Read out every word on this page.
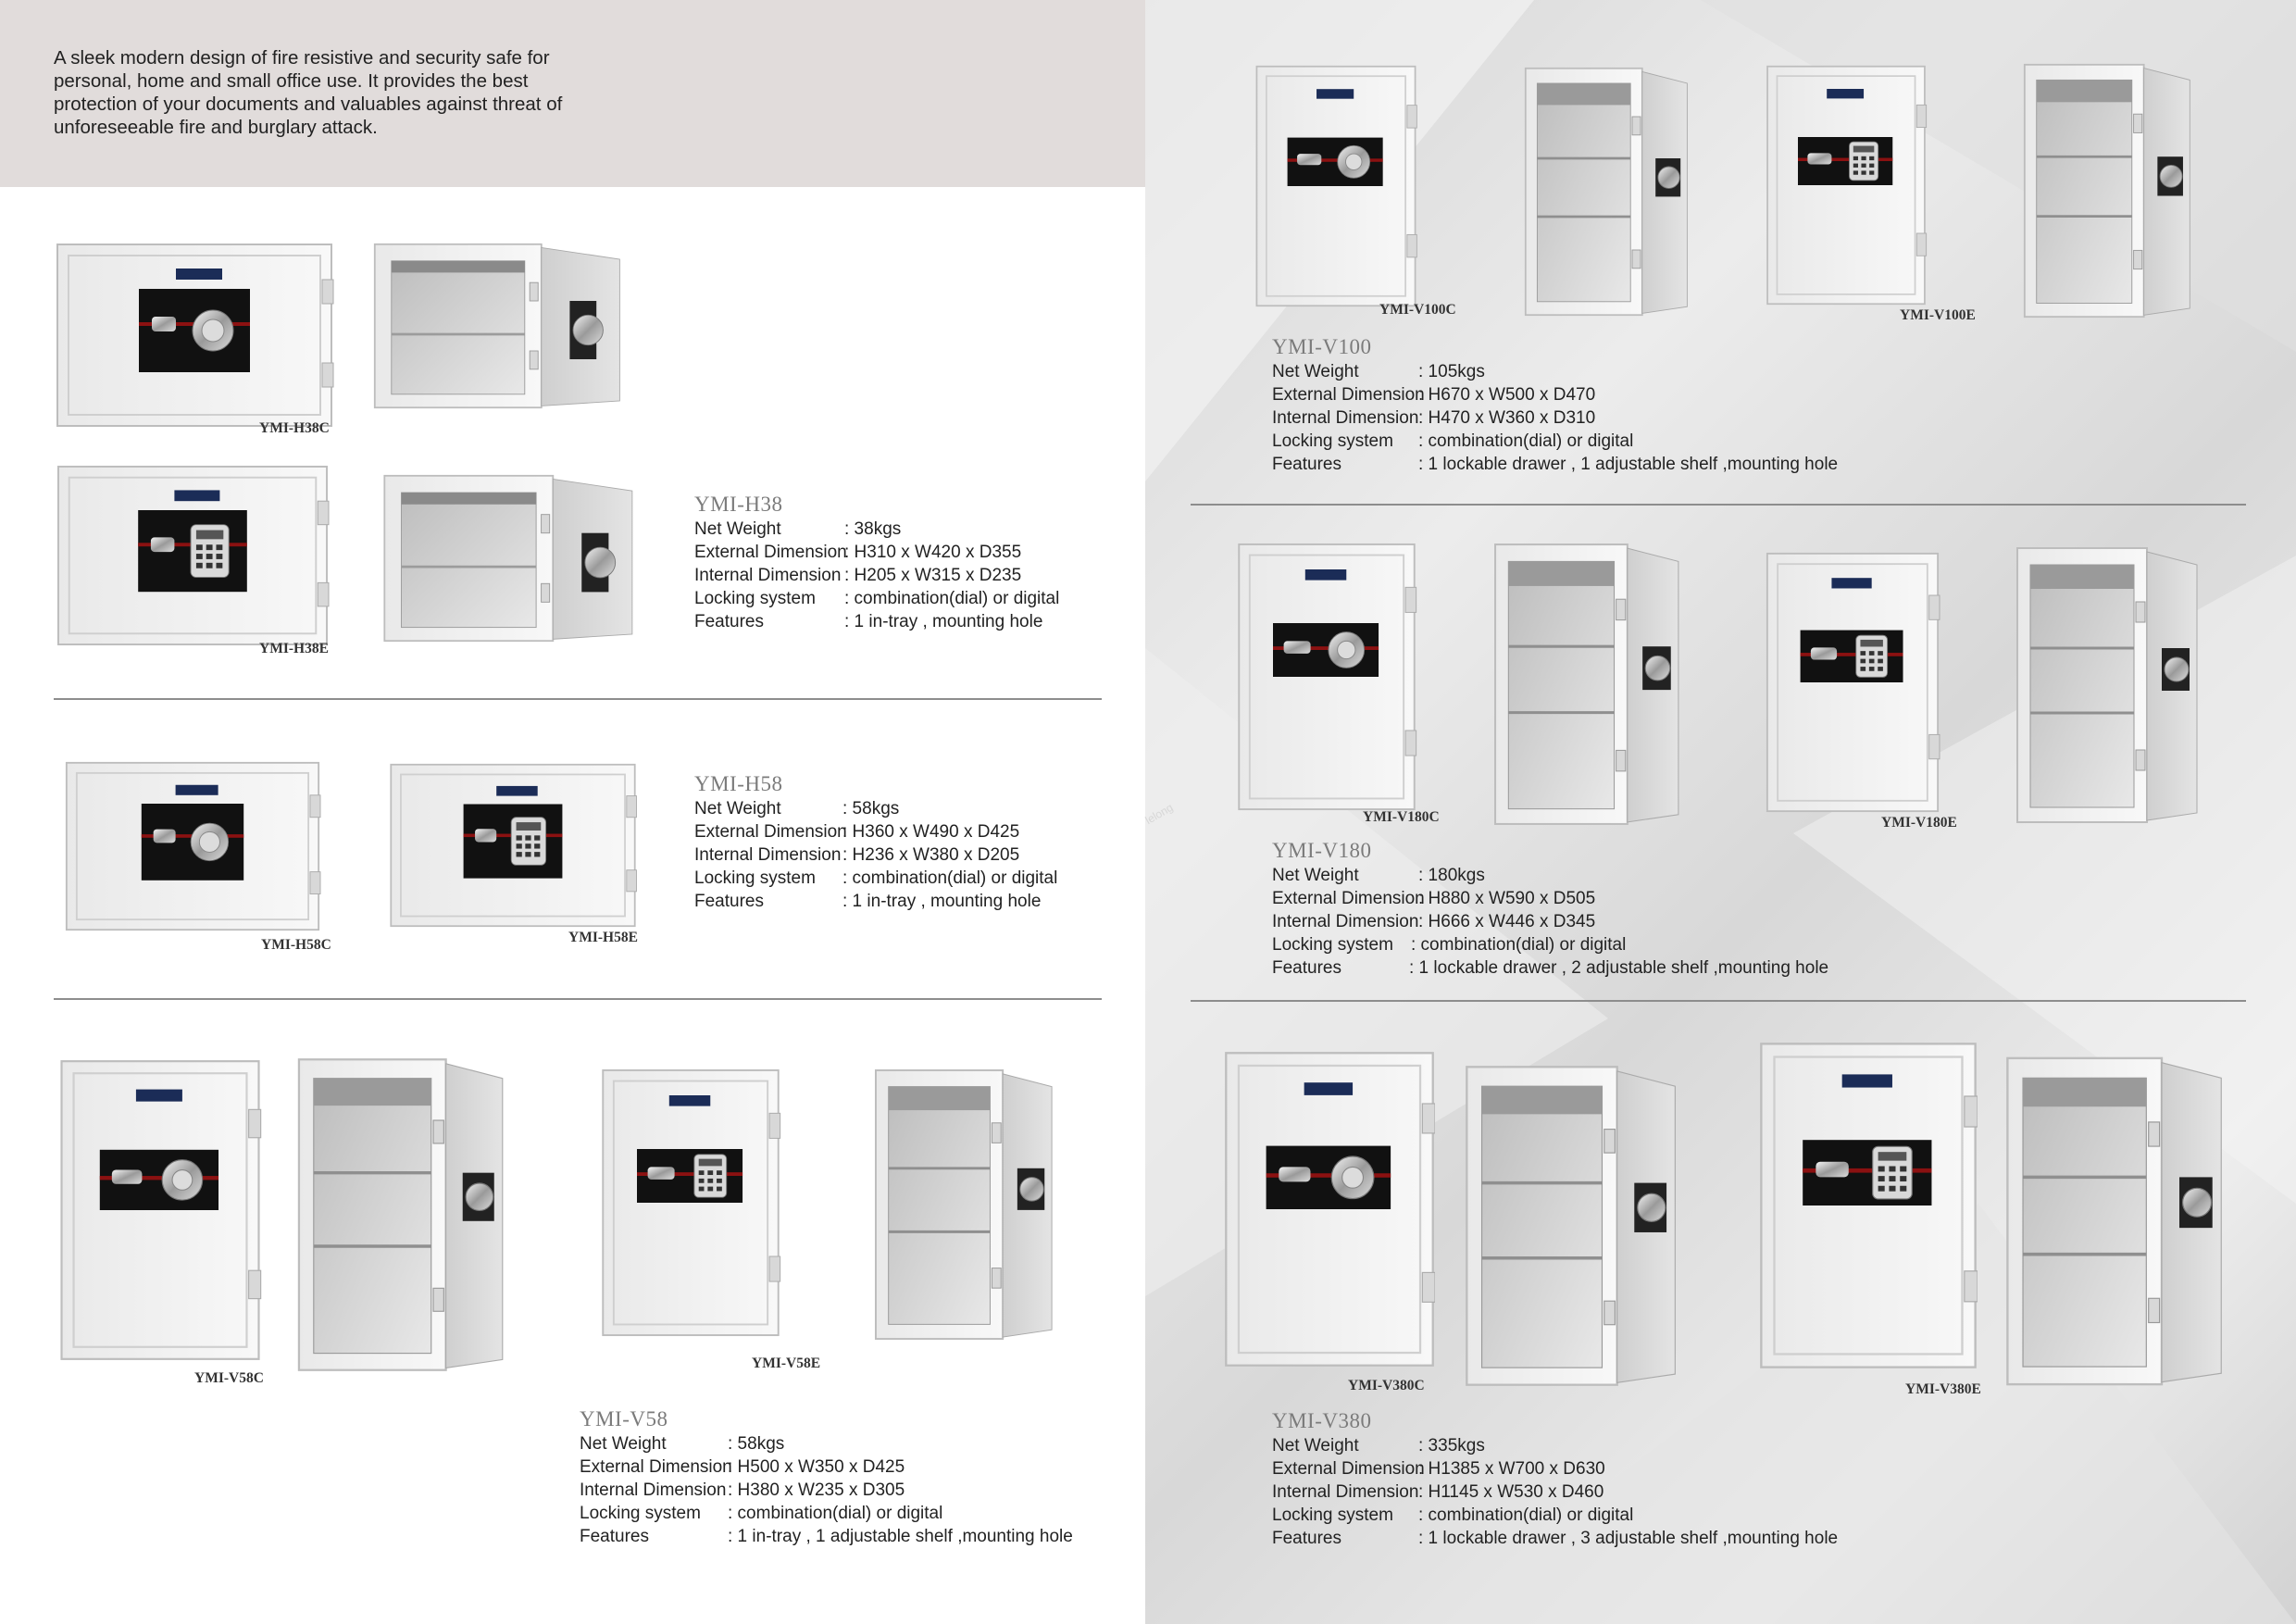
A sleek modern design of fire resistive and security safe for personal, home and small office use. It provides the best protection of your documents and valuables against threat of unforeseeable fire and burglary attack.
YMI-H38C
YMI-H38E
YMI-H38
Net Weight	: 38kgs
External Dimension
: H310 x W420 x D355
Internal Dimension : H205 x W315 x D235
Locking system	: combination(dial) or digital
Features	: 1 in-tray , mounting hole
YMI-H58C	YMI-H58E
YMI-H58
Net Weight	: 58kgs
External Dimension
: H360 x W490 x D425
Internal Dimension : H236 x W380 x D205
Locking system	: combination(dial) or digital
Features	: 1 in-tray , mounting hole
YMI-V58C
YMI-V58E
YMI-V58
Net Weight	: 58kgs
External Dimension
: H500 x W350 x D425
Internal Dimension : H380 x W235 x D305
Locking system	: combination(dial) or digital
Features	: 1 in-tray , 1 adjustable shelf ,mounting hole
YMI-V100C	YMI-V100E
YMI-V100
Net Weight	: 105kgs
External Dimension
: H670 x W500 x D470
Internal Dimension : H470 x W360 x D310
Locking system	: combination(dial) or digital
Features	: 1 lockable drawer , 1 adjustable shelf ,mounting hole
YMI-V180C	YMI-V180E
YMI-V180
Net Weight	: 180kgs
External Dimension
: H880 x W590 x D505
Internal Dimension : H666 x W446 x D345
Locking system	: combination(dial) or digital
Features	: 1 lockable drawer , 2 adjustable shelf ,mounting hole
YMI-V380C	YMI-V380E
YMI-V380
Net Weight	: 335kgs
External Dimension
: H1385 x W700 x D630
Internal Dimension : H1145 x W530 x D460
Locking system	: combination(dial) or digital
Features	: 1 lockable drawer , 3 adjustable shelf ,mounting hole
lelong
